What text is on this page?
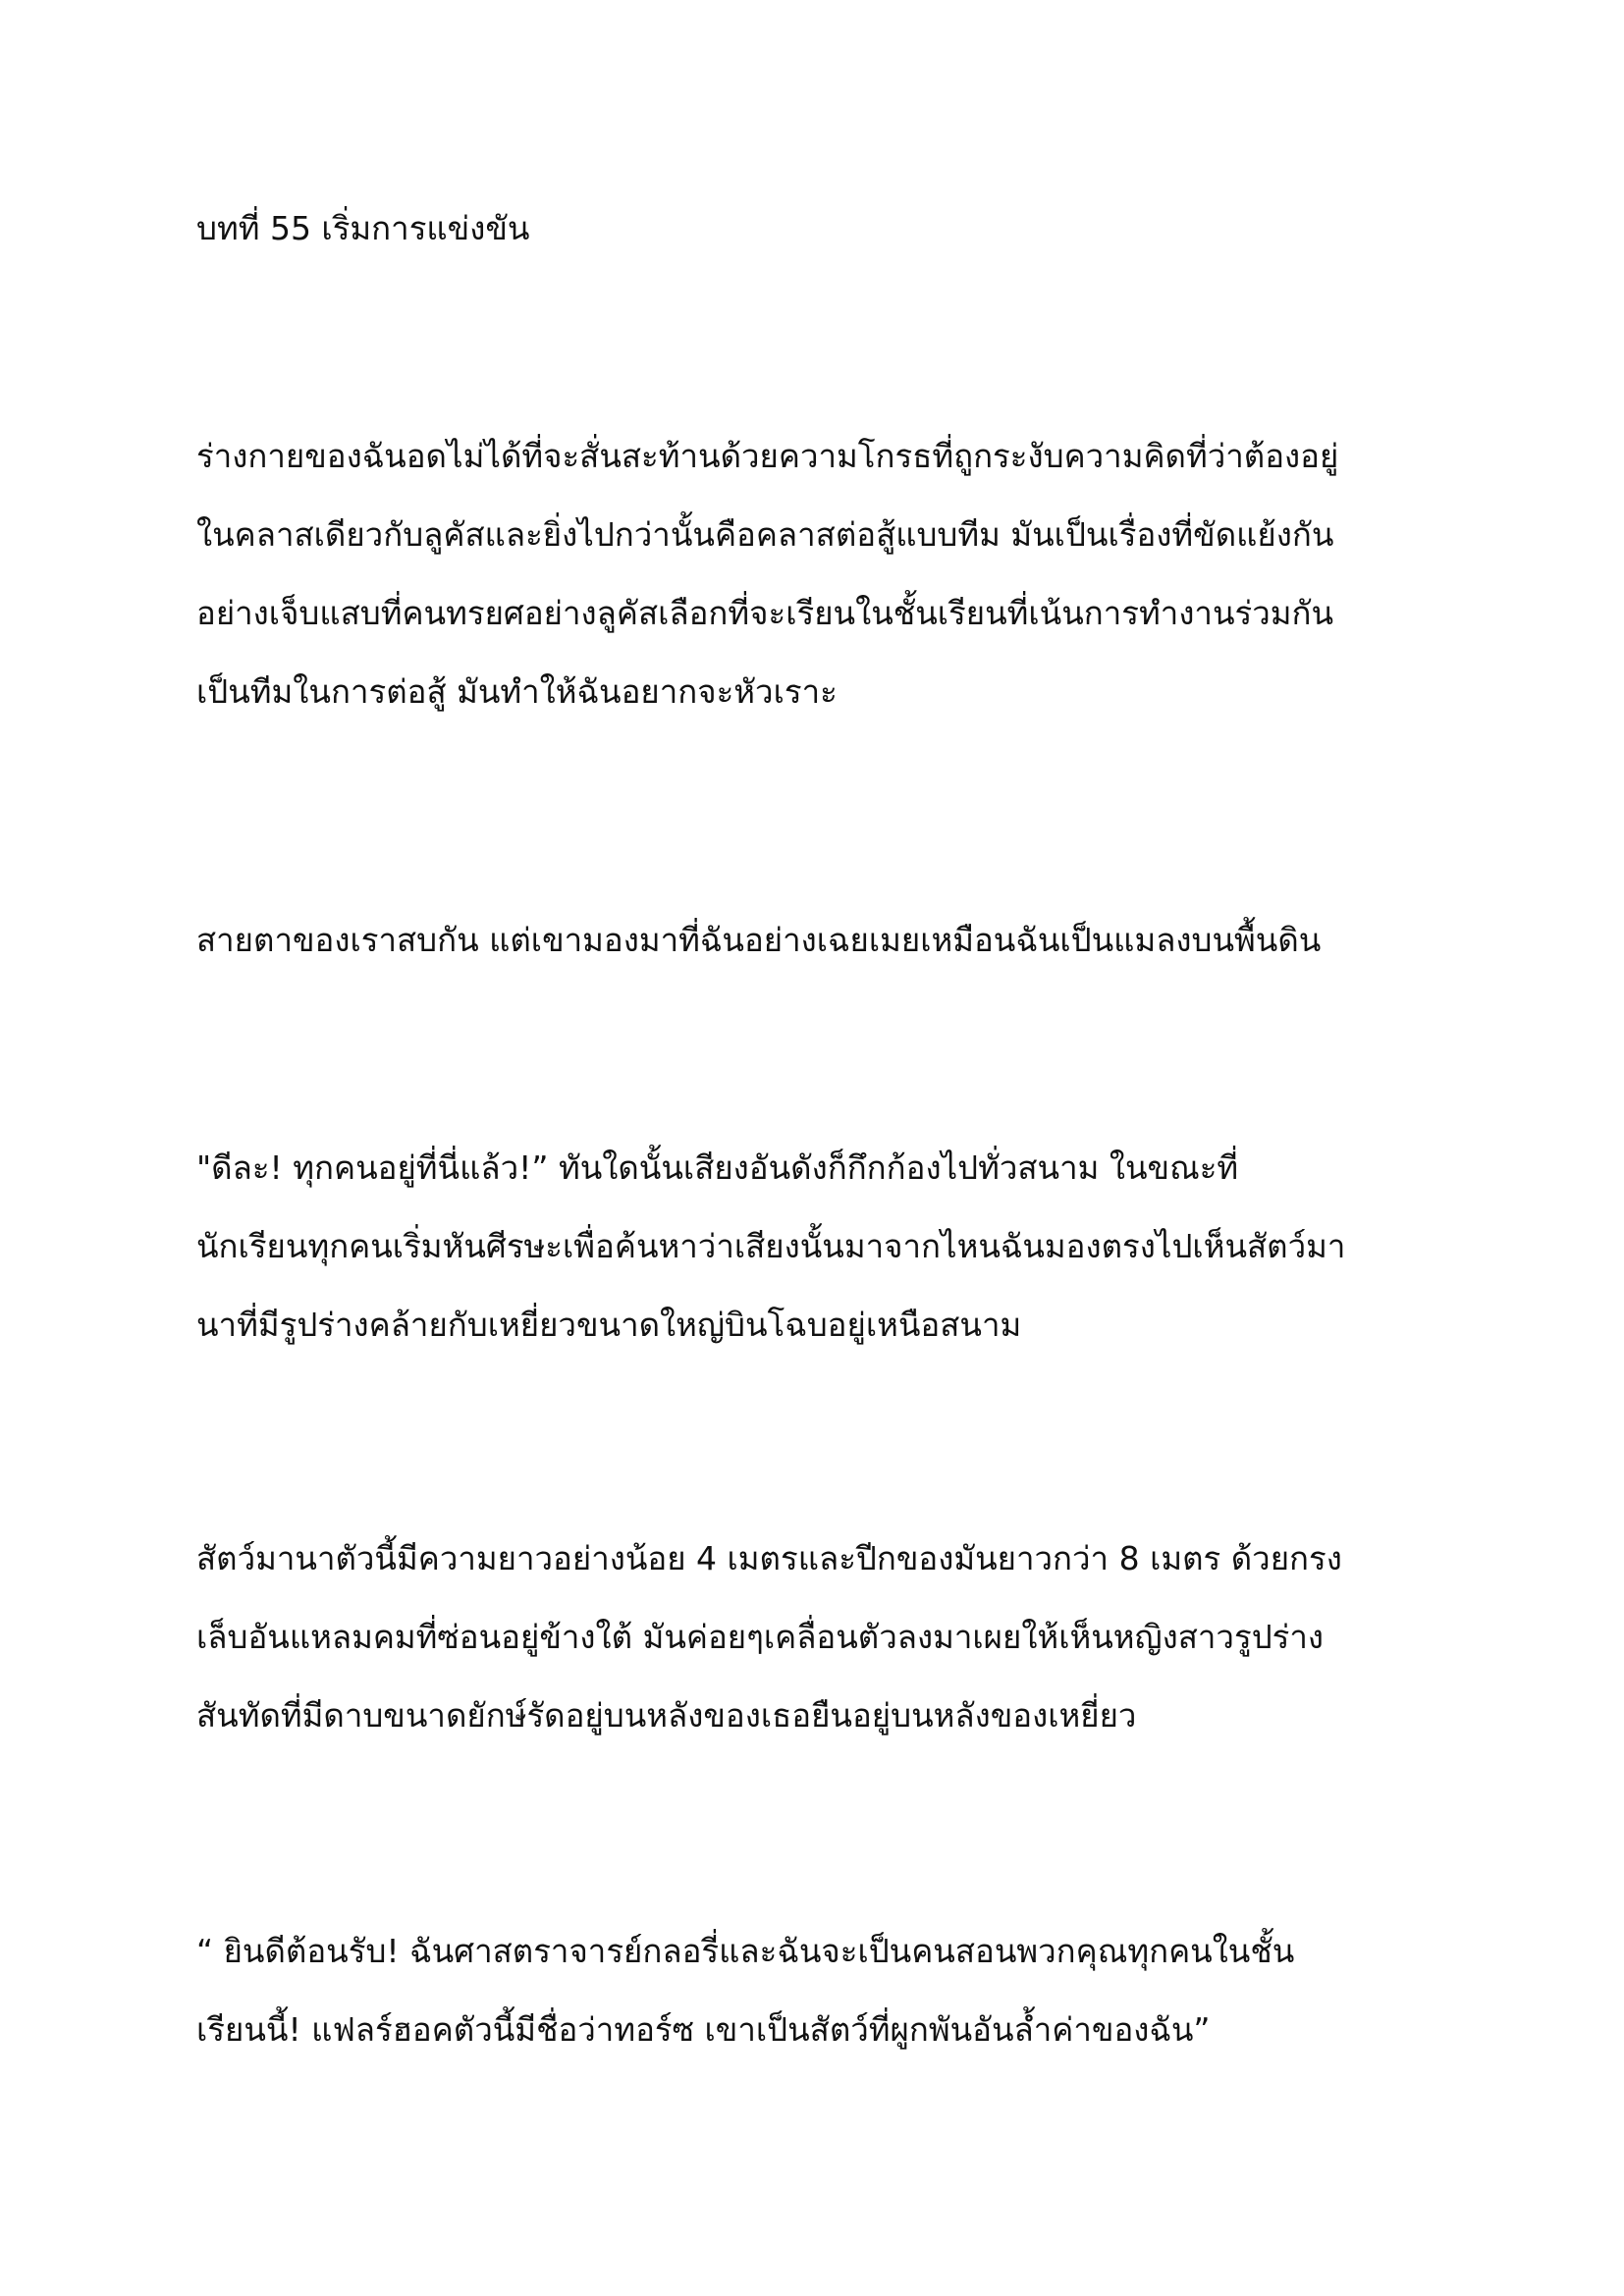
บทที่ 55 เริ่มการแข่งขัน
ร่างกายของฉันอดไม่ได้ที่จะสั่นสะท้านด้วยความโกรธที่ถูกระงับความคิดที่ว่าต้องอยู่
ในคลาสเดียวกับลูคัสและยิ่งไปกว่านั้นคือคลาสต่อสู้แบบทีม มันเป็นเรื่องที่ขัดแย้งกัน
อย่างเจ็บแสบที่คนทรยศอย่างลูคัสเลือกที่จะเรียนในชั้นเรียนที่เน้นการทำงานร่วมกัน
เป็นทีมในการต่อสู้ มันทำให้ฉันอยากจะหัวเราะ
สายตาของเราสบกัน แต่เขามองมาที่ฉันอย่างเฉยเมยเหมือนฉันเป็นแมลงบนพื้นดิน
"ดีละ! ทุกคนอยู่ที่นี่แล้ว!” ทันใดนั้นเสียงอันดังก็กึกก้องไปทั่วสนาม ในขณะที่
นักเรียนทุกคนเริ่มหันศีรษะเพื่อค้นหาว่าเสียงนั้นมาจากไหนฉันมองตรงไปเห็นสัตว์มา
นาที่มีรูปร่างคล้ายกับเหยี่ยวขนาดใหญ่บินโฉบอยู่เหนือสนาม
สัตว์มานาตัวนี้มีความยาวอย่างน้อย 4 เมตรและปีกของมันยาวกว่า 8 เมตร ด้วยกรง
เล็บอันแหลมคมที่ซ่อนอยู่ข้างใต้ มันค่อยๆเคลื่อนตัวลงมาเผยให้เห็นหญิงสาวรูปร่าง
สันทัดที่มีดาบขนาดยักษ์รัดอยู่บนหลังของเธอยืนอยู่บนหลังของเหยี่ยว
“ ยินดีต้อนรับ! ฉันศาสตราจารย์กลอรี่และฉันจะเป็นคนสอนพวกคุณทุกคนในชั้น
เรียนนี้! แฟลร์ฮอคตัวนี้มีชื่อว่าทอร์ซ เขาเป็นสัตว์ที่ผูกพันอันล้ำค่าของฉัน”
